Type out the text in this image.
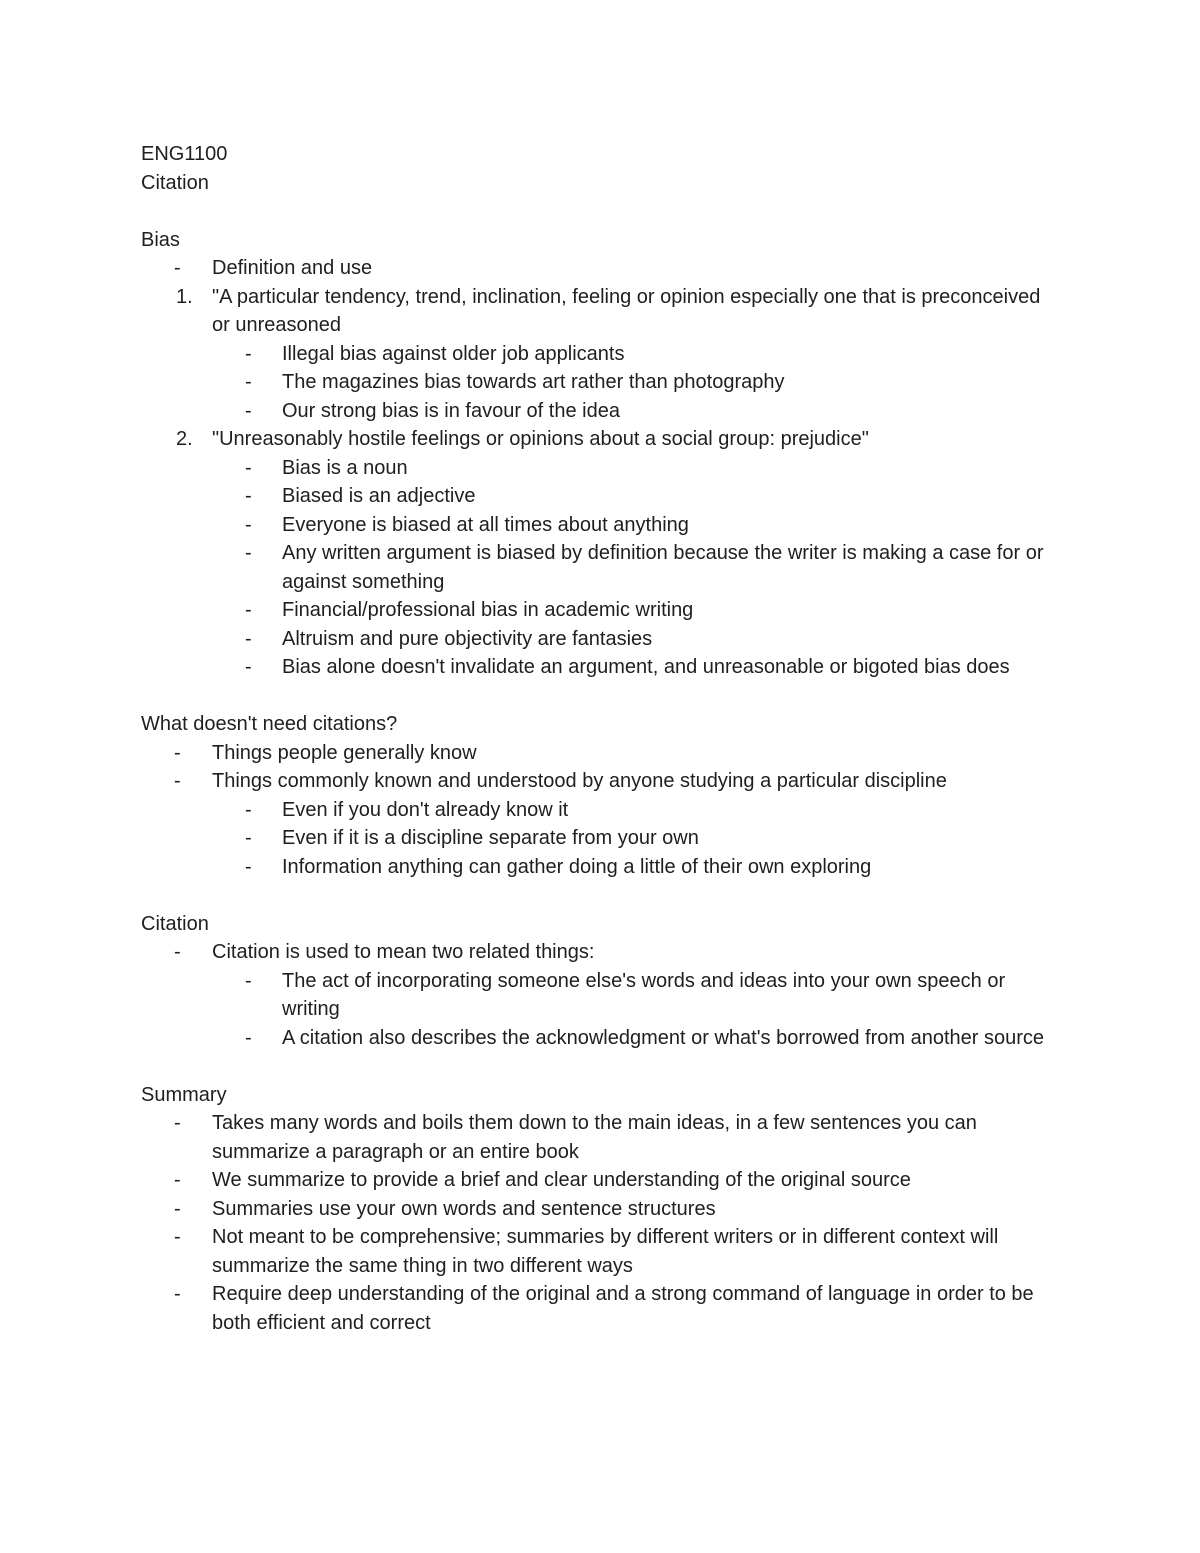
ENG1100
Citation
Bias
- Definition and use
1. "A particular tendency, trend, inclination, feeling or opinion especially one that is preconceived or unreasoned
- Illegal bias against older job applicants
- The magazines bias towards art rather than photography
- Our strong bias is in favour of the idea
2. "Unreasonably hostile feelings or opinions about a social group: prejudice"
- Bias is a noun
- Biased is an adjective
- Everyone is biased at all times about anything
- Any written argument is biased by definition because the writer is making a case for or against something
- Financial/professional bias in academic writing
- Altruism and pure objectivity are fantasies
- Bias alone doesn't invalidate an argument, and unreasonable or bigoted bias does
What doesn't need citations?
- Things people generally know
- Things commonly known and understood by anyone studying a particular discipline
- Even if you don't already know it
- Even if it is a discipline separate from your own
- Information anything can gather doing a little of their own exploring
Citation
- Citation is used to mean two related things:
- The act of incorporating someone else's words and ideas into your own speech or writing
- A citation also describes the acknowledgment or what's borrowed from another source
Summary
- Takes many words and boils them down to the main ideas, in a few sentences you can summarize a paragraph or an entire book
- We summarize to provide a brief and clear understanding of the original source
- Summaries use your own words and sentence structures
- Not meant to be comprehensive; summaries by different writers or in different context will summarize the same thing in two different ways
- Require deep understanding of the original and a strong command of language in order to be both efficient and correct
